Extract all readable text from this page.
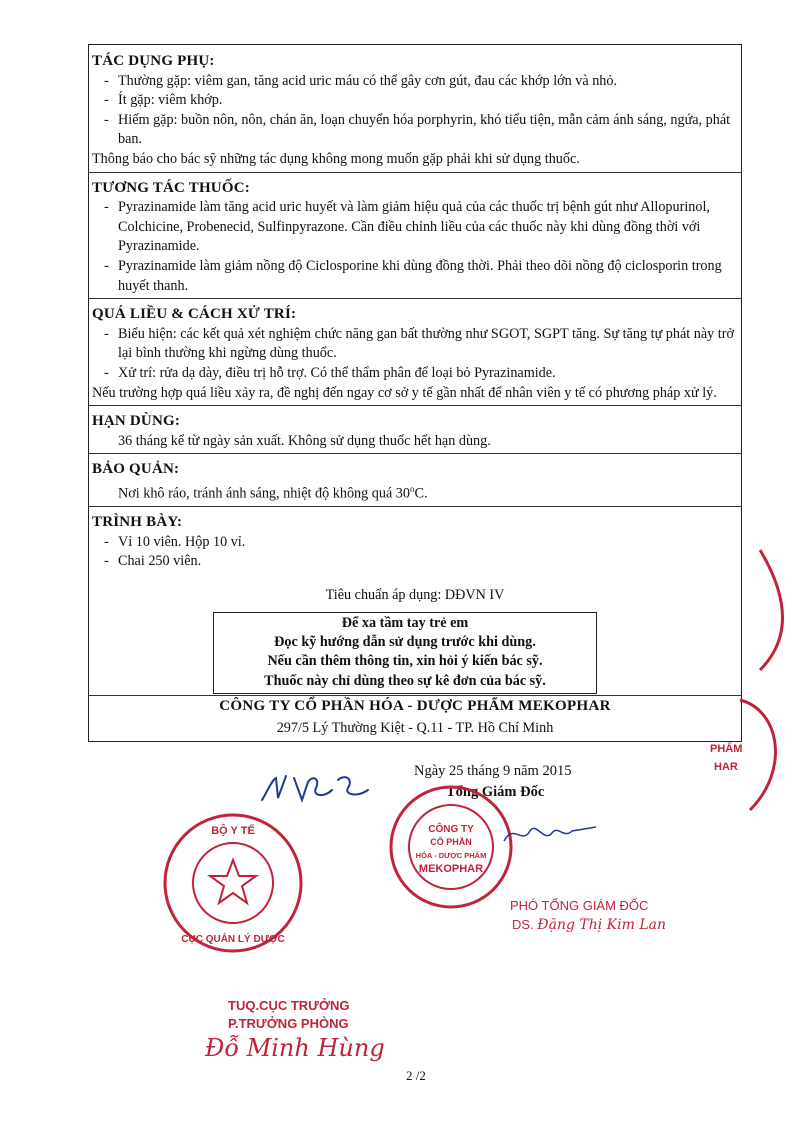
TÁC DỤNG PHỤ:
- Thường gặp: viêm gan, tăng acid uric máu có thể gây cơn gút, đau các khớp lớn và nhỏ.
- Ít gặp: viêm khớp.
- Hiếm gặp: buồn nôn, nôn, chán ăn, loạn chuyển hóa porphyrin, khó tiểu tiện, mẫn cảm ánh sáng, ngứa, phát ban.
Thông báo cho bác sỹ những tác dụng không mong muốn gặp phải khi sử dụng thuốc.
TƯƠNG TÁC THUỐC:
- Pyrazinamide làm tăng acid uric huyết và làm giảm hiệu quả của các thuốc trị bệnh gút như Allopurinol, Colchicine, Probenecid, Sulfinpyrazone. Cần điều chỉnh liều của các thuốc này khi dùng đồng thời với Pyrazinamide.
- Pyrazinamide làm giảm nồng độ Ciclosporine khi dùng đồng thời. Phải theo dõi nồng độ ciclosporin trong huyết thanh.
QUÁ LIỀU & CÁCH XỬ TRÍ:
- Biểu hiện: các kết quả xét nghiệm chức năng gan bất thường như SGOT, SGPT tăng. Sự tăng tự phát này trở lại bình thường khi ngừng dùng thuốc.
- Xử trí: rửa dạ dày, điều trị hỗ trợ. Có thể thẩm phân để loại bỏ Pyrazinamide.
Nếu trường hợp quá liều xảy ra, đề nghị đến ngay cơ sở y tế gần nhất để nhân viên y tế có phương pháp xử lý.
HẠN DÙNG:
36 tháng kể từ ngày sản xuất. Không sử dụng thuốc hết hạn dùng.
BẢO QUẢN:
Nơi khô ráo, tránh ánh sáng, nhiệt độ không quá 30$^o$C.
TRÌNH BÀY:
- Vỉ 10 viên. Hộp 10 vỉ.
- Chai 250 viên.
Tiêu chuẩn áp dụng: DĐVN IV
Để xa tầm tay trẻ em
Đọc kỹ hướng dẫn sử dụng trước khi dùng.
Nếu cần thêm thông tin, xin hỏi ý kiến bác sỹ.
Thuốc này chỉ dùng theo sự kê đơn của bác sỹ.
CÔNG TY CỔ PHẦN HÓA - DƯỢC PHẨM MEKOPHAR
297/5 Lý Thường Kiệt - Q.11 - TP. Hồ Chí Minh
Ngày 25 tháng 9 năm 2015
Tổng Giám Đốc
CÔNG TY
CỔ PHẦN
HÓA - DƯỢC PHẨM
MEKOPHAR
PHÓ TỔNG GIÁM ĐỐC
DS. Đặng Thị Kim Lan
BỘ Y TẾ
CỤC QUẢN LÝ DƯỢC
PHẨM
HAR
TUQ.CỤC TRƯỞNG
P.TRƯỞNG PHÒNG
Đỗ Minh Hùng
2 /2
